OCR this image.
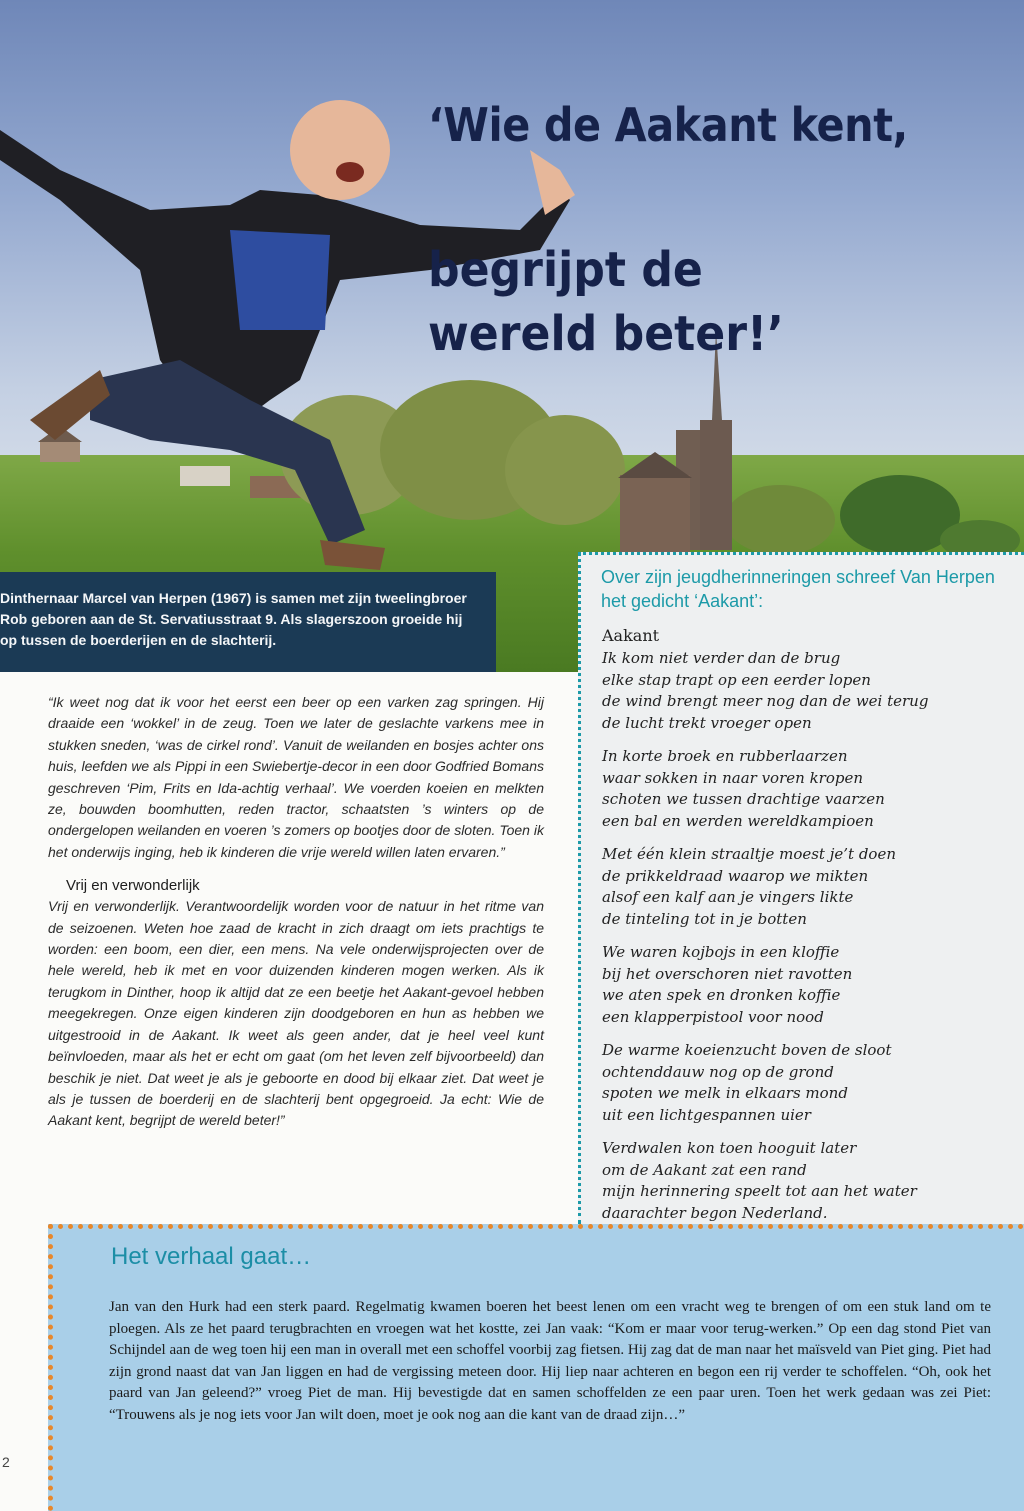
‘Wie de Aakant kent,
begrijpt de wereld beter!’

Dinthernaar Marcel van Herpen (1967) is samen met zijn tweelingbroer Rob geboren aan de St. Servatiusstraat 9. Als slagerszoon groeide hij op tussen de boerderijen en de slachterij.

“Ik weet nog dat ik voor het eerst een beer op een varken zag springen. Hij draaide een ‘wokkel’ in de zeug. Toen we later de geslachte varkens mee in stukken sneden, ‘was de cirkel rond’. Vanuit de weilanden en bosjes achter ons huis, leefden we als Pippi in een Swiebertje-decor in een door Godfried Bomans geschreven ‘Pim, Frits en Ida-achtig verhaal’. We voerden koeien en melkten ze, bouwden boomhutten, reden tractor, schaatsten ’s winters op de ondergelopen weilanden en voeren ’s zomers op bootjes door de sloten. Toen ik het onderwijs inging, heb ik kinderen die vrije wereld willen laten ervaren.”

Vrij en verwonderlijk

Vrij en verwonderlijk. Verantwoordelijk worden voor de natuur in het ritme van de seizoenen. Weten hoe zaad de kracht in zich draagt om iets prachtigs te worden: een boom, een dier, een mens. Na vele onderwijsprojecten over de hele wereld, heb ik met en voor duizenden kinderen mogen werken. Als ik terugkom in Dinther, hoop ik altijd dat ze een beetje het Aakant-gevoel hebben meegekregen. Onze eigen kinderen zijn doodgeboren en hun as hebben we uitgestrooid in de Aakant. Ik weet als geen ander, dat je heel veel kunt beïnvloeden, maar als het er echt om gaat (om het leven zelf bijvoorbeeld) dan beschik je niet. Dat weet je als je geboorte en dood bij elkaar ziet. Dat weet je als je tussen de boerderij en de slachterij bent opgegroeid. Ja echt: Wie de Aakant kent, begrijpt de wereld beter!”

Over zijn jeugdherinneringen schreef Van Herpen het gedicht ‘Aakant’:

Aakant
Ik kom niet verder dan de brug
elke stap trapt op een eerder lopen
de wind brengt meer nog dan de wei terug
de lucht trekt vroeger open
In korte broek en rubberlaarzen
waar sokken in naar voren kropen
schoten we tussen drachtige vaarzen
een bal en werden wereldkampioen
Met één klein straaltje moest je’t doen
de prikkeldraad waarop we mikten
alsof een kalf aan je vingers likte
de tinteling tot in je botten
We waren kojbojs in een kloffie
bij het overschoren niet ravotten
we aten spek en dronken koffie
een klapperpistool voor nood
De warme koeienzucht boven de sloot
ochtenddauw nog op de grond
spoten we melk in elkaars mond
uit een lichtgespannen uier
Verdwalen kon toen hooguit later
om de Aakant zat een rand
mijn herinnering speelt tot aan het water
daarachter begon Nederland.
Het verhaal gaat…

Jan van den Hurk had een sterk paard. Regelmatig kwamen boeren het beest lenen om een vracht weg te brengen of om een stuk land om te ploegen. Als ze het paard terugbrachten en vroegen wat het kostte, zei Jan vaak: “Kom er maar voor terug-werken.” Op een dag stond Piet van Schijndel aan de weg toen hij een man in overall met een schoffel voorbij zag fietsen. Hij zag dat de man naar het maïsveld van Piet ging. Piet had zijn grond naast dat van Jan liggen en had de vergissing meteen door. Hij liep naar achteren en begon een rij verder te schoffelen. “Oh, ook het paard van Jan geleend?” vroeg Piet de man. Hij bevestigde dat en samen schoffelden ze een paar uren. Toen het werk gedaan was zei Piet: “Trouwens als je nog iets voor Jan wilt doen, moet je ook nog aan die kant van de draad zijn…”

2
